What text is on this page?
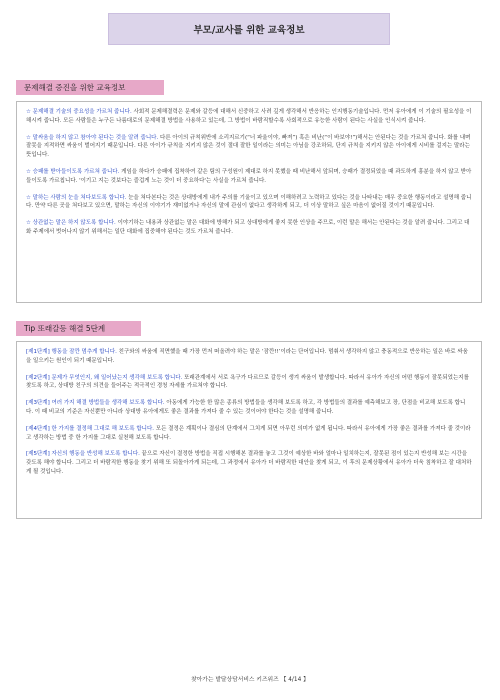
부모/교사를 위한 교육정보
문제해결 증진을 위한 교육정보

☆ 문제해결 기술의 중요성을 가르쳐 줍니다. 사회적 문제해결력은 문제와 갈등에 대해서 신중하고 사려 깊게 생각해서 반응하는 인지행동기술입니다. 먼저 유아에게 이 기술의 필요성을 이해시켜 줍니다. 모든 사람들은 누구든 나름대로의 문제해결 방법을 사용하고 있는데, 그 방법이 바람직할수록 사회적으로 유능한 사람이 된다는 사실을 인식시켜 줍니다.

☆ 말싸움을 하지 않고 참아야 된다는 것을 알려 줍니다. 다른 아이의 규칙위반에 소리지르기(“너 파울이야, 빠져”) 혹은 비난(“이 바보야!”)해서는 안된다는 것을 가르쳐 줍니다. 화를 내며 잘못을 지적하면 싸움이 벌어지기 때문입니다. 다른 아이가 규칙을 지키지 않은 것이 절대 잘한 일이라는 의미는 아님을 강조하되, 단지 규칙을 지키지 않은 아이에게 시비를 걸지는 말라는 뜻입니다.

☆ 승패를 받아들이도록 가르쳐 줍니다. 게임을 하다가 승패에 집착하여 같은 팀의 구성원이 제대로 하지 못했을 때 비난해서 앞되며, 승패가 결정되었을 때 과도하게 흥분을 하지 않고 받아들이도록 가르칩니다. '이기고 지는 것보다는 즐겁게 노는 것이 더 중요하다'는 사실을 가르쳐 줍니다.

☆ 말하는 사람의 눈을 쳐다보도록 합니다. 눈을 쳐다본다는 것은 상대방에게 내가 주의를 기울이고 있으며 이해하려고 노력하고 있다는 것을 나타내는 매우 중요한 행동이라고 설명해 줍니다. 만약 다른 곳을 쳐다보고 있으면, 말하는 자신의 이야기가 재미없거나 자신의 말에 관심이 없다고 생각하게 되고, 더 이상 말하고 싶은 마음이 없어질 것이기 때문입니다.

☆ 상관없는 말은 하지 않도록 합니다. 이야기하는 내용과 상관없는 말은 대화에 방해가 되고 상대방에게 좋지 못한 인상을 주므로, 이런 말은 해서는 안된다는 것을 알려 줍니다. 그리고 대화 주제에서 벗어나지 않기 위해서는 일단 대화에 집중해야 된다는 것도 가르쳐 줍니다.

Tip 또래갈등 해결 5단계

[제1단계] 행동을 잠깐 멈추게 합니다. 친구와의 싸움에 직면했을 때 가장 먼저 떠올려야 하는 말은 ‘잠깐!!’이라는 단어입니다. 멈춰서 생각하지 않고 충동적으로 반응하는 일은 바로 싸움을 일으키는 원인이 되기 때문입니다.

[제2단계] 문제가 무엇인지, 왜 일어났는지 생각해 보도록 합니다. 또래관계에서 서로 욕구가 다르므로 갈등이 생겨 싸움이 발생합니다. 따라서 유아가 자신의 어떤 행동이 잘못되었는지를 찾도록 하고, 상대방 친구의 의견을 들어주는 적극적인 경청 자세를 가르쳐야 합니다.

[제3단계] 여러 가지 해결 방법들을 생각해 보도록 합니다. 아동에게 가능한 한 많은 종류의 방법들을 생각해 보도록 하고, 각 방법들의 결과를 예측해보고 장, 단점을 비교해 보도록 합니다. 이 때 비교의 기준은 자신뿐만 아니라 상대방 유아에게도 좋은 결과를 가져다 줄 수 있는 것이어야 한다는 것을 설명해 줍니다.

[제4단계] 한 가지를 결정해 그대로 해 보도록 합니다. 모든 결정은 계획이나 결심의 단계에서 그치게 되면 아무런 의미가 없게 됩니다. 따라서 유아에게 가장 좋은 결과를 가져다 줄 것이라고 생각하는 방법 중 한 가지를 그대로 실천해 보도록 합니다.

[제5단계] 자신의 행동을 반성해 보도록 합니다. 끝으로 자신이 결정한 방법을 직접 시행해본 결과를 놓고 그것이 예상한 바와 얼마나 일치하는지, 잘못된 점이 있는지 반성해 보는 시간을 갖도록 해야 합니다. 그리고 더 바람직한 행동을 찾기 위해 또 되돌아가게 되는데, 그 과정에서 유아가 더 바람직한 대안을 찾게 되고, 이 후의 문제상황에서 유아가 더욱 침착하고 잘 대처하게 될 것입니다.

찾아가는 발달상담서비스 키즈위즈 【 4/14 】
